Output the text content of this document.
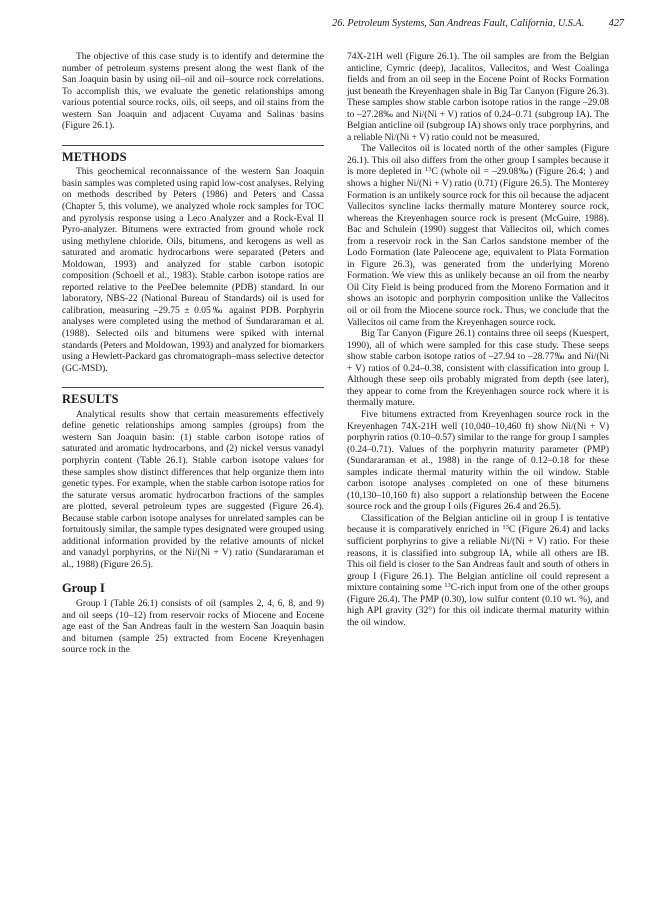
26. Petroleum Systems, San Andreas Fault, California, U.S.A. 427

The objective of this case study is to identify and determine the number of petroleum systems present along the west flank of the San Joaquin basin by using oil–oil and oil–source rock correlations. To accomplish this, we evaluate the genetic relationships among various potential source rocks, oils, oil seeps, and oil stains from the western San Joaquin and adjacent Cuyama and Salinas basins (Figure 26.1).

METHODS

This geochemical reconnaissance of the western San Joaquin basin samples was completed using rapid low-cost analyses. Relying on methods described by Peters (1986) and Peters and Cassa (Chapter 5, this volume), we analyzed whole rock samples for TOC and pyrolysis response using a Leco Analyzer and a Rock-Eval II Pyro-analyzer. Bitumens were extracted from ground whole rock using methylene chloride. Oils, bitumens, and kerogens as well as saturated and aromatic hydrocarbons were separated (Peters and Moldowan, 1993) and analyzed for stable carbon isotopic composition (Schoell et al., 1983). Stable carbon isotope ratios are reported relative to the PeeDee belemnite (PDB) standard. In our laboratory, NBS-22 (National Bureau of Standards) oil is used for calibration, measuring –29.75 ± 0.05‰ against PDB. Porphyrin analyses were completed using the method of Sundararaman et al. (1988). Selected oils and bitumens were spiked with internal standards (Peters and Moldowan, 1993) and analyzed for biomarkers using a Hewlett-Packard gas chromatograph–mass selective detector (GC-MSD).

RESULTS

Analytical results show that certain measurements effectively define genetic relationships among samples (groups) from the western San Joaquin basin: (1) stable carbon isotope ratios of saturated and aromatic hydrocarbons, and (2) nickel versus vanadyl porphyrin content (Table 26.1). Stable carbon isotope values for these samples show distinct differences that help organize them into genetic types. For example, when the stable carbon isotope ratios for the saturate versus aromatic hydrocarbon fractions of the samples are plotted, several petroleum types are suggested (Figure 26.4). Because stable carbon isotope analyses for unrelated samples can be fortuitously similar, the sample types designated were grouped using additional information provided by the relative amounts of nickel and vanadyl porphyrins, or the Ni/(Ni + V) ratio (Sundararaman et al., 1988) (Figure 26.5).

Group I

Group I (Table 26.1) consists of oil (samples 2, 4, 6, 8, and 9) and oil seeps (10–12) from reservoir rocks of Miocene and Eocene age east of the San Andreas fault in the western San Joaquin basin and bitumen (sample 25) extracted from Eocene Kreyenhagen source rock in the

74X-21H well (Figure 26.1). The oil samples are from the Belgian anticline, Cymric (deep), Jacalitos, Vallecitos, and West Coalinga fields and from an oil seep in the Eocene Point of Rocks Formation just beneath the Kreyenhagen shale in Big Tar Canyon (Figure 26.3). These samples show stable carbon isotope ratios in the range –29.08 to –27.28‰ and Ni/(Ni + V) ratios of 0.24–0.71 (subgroup IA). The Belgian anticline oil (subgroup IA) shows only trace porphyrins, and a reliable Ni/(Ni + V) ratio could not be measured.

The Vallecitos oil is located north of the other samples (Figure 26.1). This oil also differs from the other group I samples because it is more depleted in $^{13}$C (whole oil = –29.08‰) (Figure 26.4; ) and shows a higher Ni/(Ni + V) ratio (0.71) (Figure 26.5). The Monterey Formation is an unlikely source rock for this oil because the adjacent Vallecitos syncline lacks thermally mature Monterey source rock, whereas the Kreyenhagen source rock is present (McGuire, 1988). Bac and Schulein (1990) suggest that Vallecitos oil, which comes from a reservoir rock in the San Carlos sandstone member of the Lodo Formation (late Paleocene age, equivalent to Plata Formation in Figure 26.3), was generated from the underlying Moreno Formation. We view this as unlikely because an oil from the nearby Oil City Field is being produced from the Moreno Formation and it shows an isotopic and porphyrin composition unlike the Vallecitos oil or oil from the Miocene source rock. Thus, we conclude that the Vallecitos oil came from the Kreyenhagen source rock.

Big Tar Canyon (Figure 26.1) contains three oil seeps (Kuespert, 1990), all of which were sampled for this case study. These seeps show stable carbon isotope ratios of –27.94 to –28.77‰ and Ni/(Ni + V) ratios of 0.24–0.38, consistent with classification into group I. Although these seep oils probably migrated from depth (see later), they appear to come from the Kreyenhagen source rock where it is thermally mature.

Five bitumens extracted from Kreyenhagen source rock in the Kreyenhagen 74X-21H well (10,040–10,460 ft) show Ni/(Ni + V) porphyrin ratios (0.10–0.57) similar to the range for group I samples (0.24–0.71). Values of the porphyrin maturity parameter (PMP) (Sundararaman et al., 1988) in the range of 0.12–0.18 for these samples indicate thermal maturity within the oil window. Stable carbon isotope analyses completed on one of these bitumens (10,130–10,160 ft) also support a relationship between the Eocene source rock and the group I oils (Figures 26.4 and 26.5).

Classification of the Belgian anticline oil in group I is tentative because it is comparatively enriched in $^{13}$C (Figure 26.4) and lacks sufficient porphyrins to give a reliable Ni/(Ni + V) ratio. For these reasons, it is classified into subgroup IA, while all others are IB. This oil field is closer to the San Andreas fault and south of others in group I (Figure 26.1). The Belgian anticline oil could represent a mixture containing some $^{13}$C-rich input from one of the other groups (Figure 26.4). The PMP (0.30), low sulfur content (0.10 wt. %), and high API gravity (32°) for this oil indicate thermal maturity within the oil window.
